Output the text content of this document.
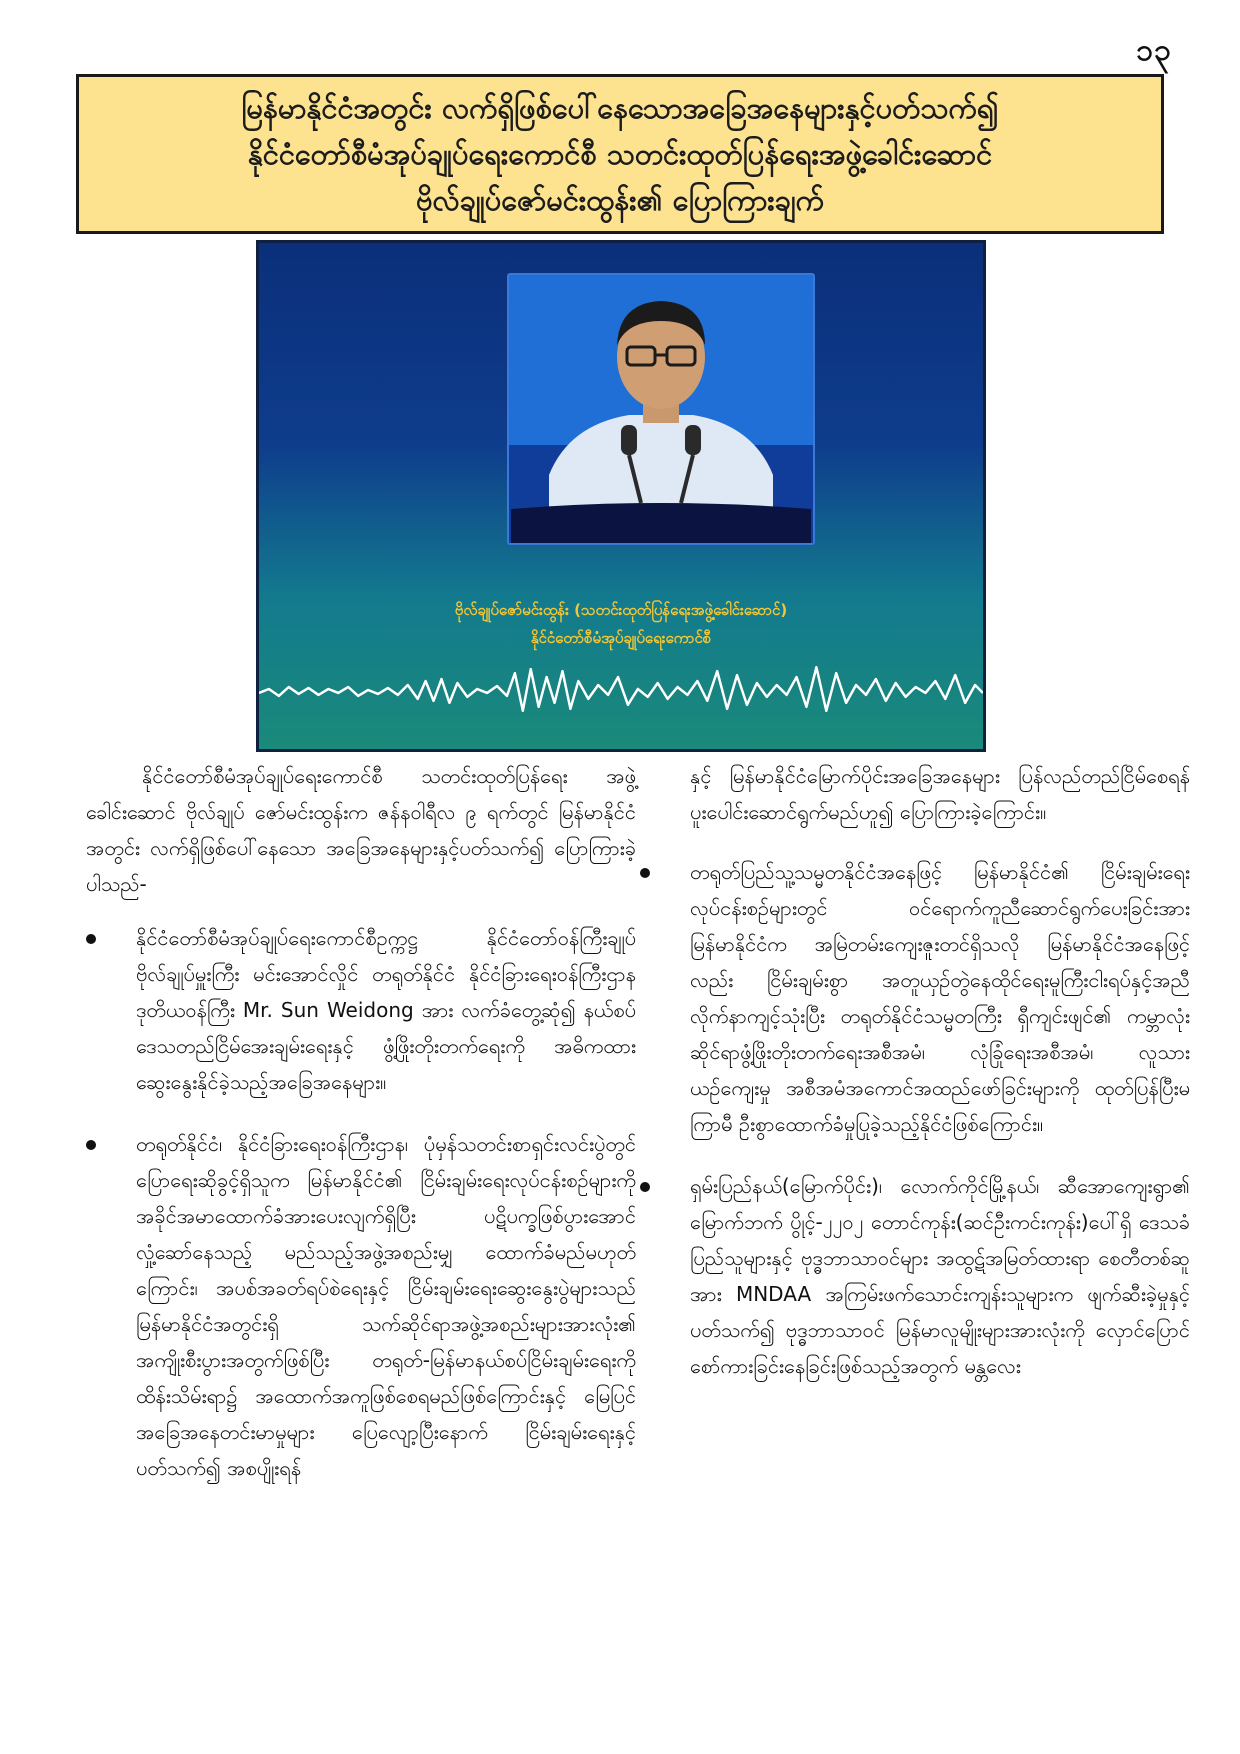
၁၃
မြန်မာနိုင်ငံအတွင်း လက်ရှိဖြစ်ပေါ်နေသောအခြေအနေများနှင့်ပတ်သက်၍
နိုင်ငံတော်စီမံအုပ်ချုပ်ရေးကောင်စီ သတင်းထုတ်ပြန်ရေးအဖွဲ့ခေါင်းဆောင်
ဗိုလ်ချုပ်ဇော်မင်းထွန်း၏ ပြောကြားချက်
ဗိုလ်ချုပ်ဇော်မင်းထွန်း (သတင်းထုတ်ပြန်ရေးအဖွဲ့ခေါင်းဆောင်)
နိုင်ငံတော်စီမံအုပ်ချုပ်ရေးကောင်စီ

နိုင်ငံတော်စီမံအုပ်ချုပ်ရေးကောင်စီ သတင်းထုတ်ပြန်ရေး အဖွဲ့ခေါင်းဆောင် ဗိုလ်ချုပ် ဇော်မင်းထွန်းက ဇန်နဝါရီလ ၉ ရက်တွင် မြန်မာနိုင်ငံအတွင်း လက်ရှိဖြစ်ပေါ်နေသော အခြေအနေများနှင့်ပတ်သက်၍ ပြောကြားခဲ့ပါသည်-

နိုင်ငံတော်စီမံအုပ်ချုပ်ရေးကောင်စီဥက္ကဋ္ဌ နိုင်ငံတော်ဝန်ကြီးချုပ် ဗိုလ်ချုပ်မှူးကြီး မင်းအောင်လှိုင် တရုတ်နိုင်ငံ နိုင်ငံခြားရေးဝန်ကြီးဌာန ဒုတိယဝန်ကြီး Mr. Sun Weidong အား လက်ခံတွေ့ဆုံ၍ နယ်စပ်ဒေသတည်ငြိမ်အေးချမ်းရေးနှင့် ဖွံ့ဖြိုးတိုးတက်ရေးကို အဓိကထား ဆွေးနွေးနိုင်ခဲ့သည့်အခြေအနေများ။
တရုတ်နိုင်ငံ၊ နိုင်ငံခြားရေးဝန်ကြီးဌာန၊ ပုံမှန်သတင်းစာရှင်းလင်းပွဲတွင် ပြောရေးဆိုခွင့်ရှိသူက မြန်မာနိုင်ငံ၏ ငြိမ်းချမ်းရေးလုပ်ငန်းစဉ်များကို အခိုင်အမာထောက်ခံအားပေးလျက်ရှိပြီး ပဋိပက္ခဖြစ်ပွားအောင် လှုံ့ဆော်နေသည့် မည်သည့်အဖွဲ့အစည်းမျှ ထောက်ခံမည်မဟုတ်ကြောင်း၊ အပစ်အခတ်ရပ်စဲရေးနှင့် ငြိမ်းချမ်းရေးဆွေးနွေးပွဲများသည် မြန်မာနိုင်ငံအတွင်းရှိ သက်ဆိုင်ရာအဖွဲ့အစည်းများအားလုံး၏ အကျိုးစီးပွားအတွက်ဖြစ်ပြီး တရုတ်-မြန်မာနယ်စပ်ငြိမ်းချမ်းရေးကို ထိန်းသိမ်းရာ၌ အထောက်အကူဖြစ်စေရမည်ဖြစ်ကြောင်းနှင့် မြေပြင်အခြေအနေတင်းမာမှုများ ပြေလျော့ပြီးနောက် ငြိမ်းချမ်းရေးနှင့်ပတ်သက်၍ အစပျိုးရန်
နှင့် မြန်မာနိုင်ငံမြောက်ပိုင်းအခြေအနေများ ပြန်လည်တည်ငြိမ်စေရန် ပူးပေါင်းဆောင်ရွက်မည်ဟူ၍ ပြောကြားခဲ့ကြောင်း။
တရုတ်ပြည်သူ့သမ္မတနိုင်ငံအနေဖြင့် မြန်မာနိုင်ငံ၏ ငြိမ်းချမ်းရေးလုပ်ငန်းစဉ်များတွင် ဝင်ရောက်ကူညီဆောင်ရွက်ပေးခြင်းအား မြန်မာနိုင်ငံက အမြဲတမ်းကျေးဇူးတင်ရှိသလို မြန်မာနိုင်ငံအနေဖြင့်လည်း ငြိမ်းချမ်းစွာ အတူယှဉ်တွဲနေထိုင်ရေးမူကြီးငါးရပ်နှင့်အညီ လိုက်နာကျင့်သုံးပြီး တရုတ်နိုင်ငံသမ္မတကြီး ရှီကျင်းဖျင်၏ ကမ္ဘာလုံးဆိုင်ရာဖွံ့ဖြိုးတိုးတက်ရေးအစီအမံ၊ လုံခြုံရေးအစီအမံ၊ လူသားယဉ်ကျေးမှု အစီအမံအကောင်အထည်ဖော်ခြင်းများကို ထုတ်ပြန်ပြီးမကြာမီ ဦးစွာထောက်ခံမှုပြုခဲ့သည့်နိုင်ငံဖြစ်ကြောင်း။
ရှမ်းပြည်နယ်(မြောက်ပိုင်း)၊ လောက်ကိုင်မြို့နယ်၊ ဆီအောကျေးရွာ၏ မြောက်ဘက် ပွိုင့်-၂၂၀၂ တောင်ကုန်း(ဆင်ဦးကင်းကုန်း)ပေါ်ရှိ ဒေသခံပြည်သူများနှင့် ဗုဒ္ဓဘာသာဝင်များ အထွဋ်အမြတ်ထားရာ စေတီတစ်ဆူအား MNDAA အကြမ်းဖက်သောင်းကျန်းသူများက ဖျက်ဆီးခဲ့မှုနှင့်ပတ်သက်၍ ဗုဒ္ဓဘာသာဝင် မြန်မာလူမျိုးများအားလုံးကို လှောင်ပြောင်စော်ကားခြင်းနေခြင်းဖြစ်သည့်အတွက် မန္တလေး
